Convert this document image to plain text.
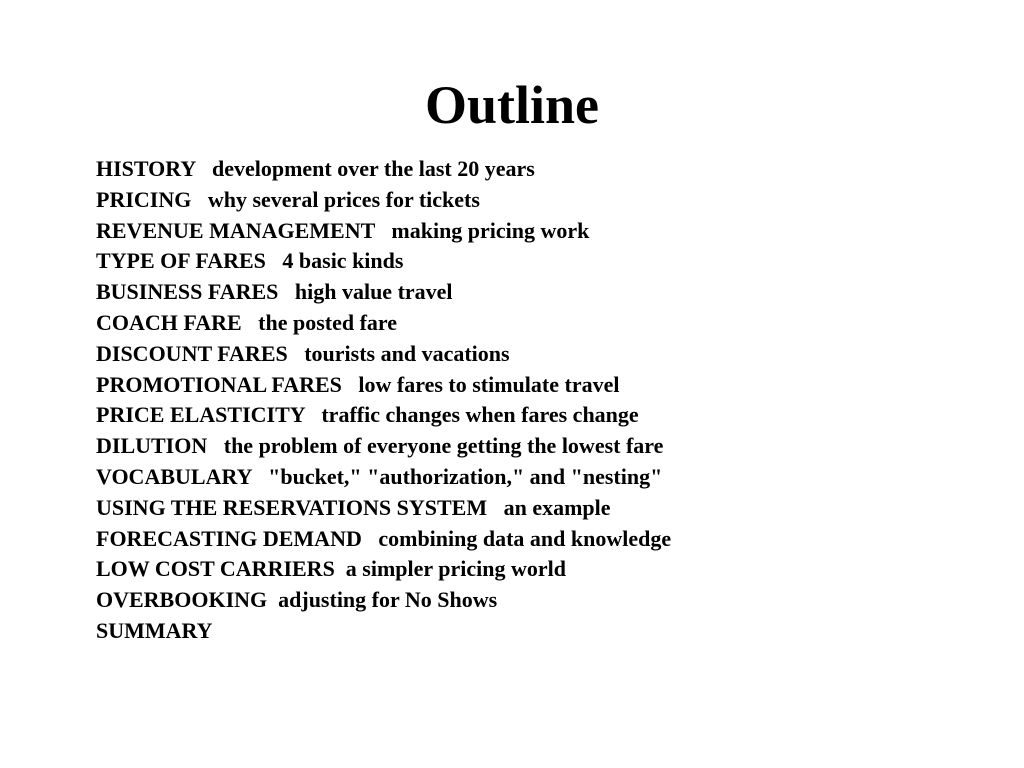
Outline
HISTORY   development over the last 20 years
PRICING   why several prices for tickets
REVENUE MANAGEMENT   making pricing work
TYPE OF FARES   4 basic kinds
BUSINESS FARES   high value travel
COACH FARE   the posted fare
DISCOUNT FARES   tourists and vacations
PROMOTIONAL FARES   low fares to stimulate travel
PRICE ELASTICITY   traffic changes when fares change
DILUTION   the problem of everyone getting the lowest fare
VOCABULARY   "bucket," "authorization," and "nesting"
USING THE RESERVATIONS SYSTEM   an example
FORECASTING DEMAND   combining data and knowledge
LOW COST CARRIERS  a simpler pricing world
OVERBOOKING  adjusting for No Shows
SUMMARY
